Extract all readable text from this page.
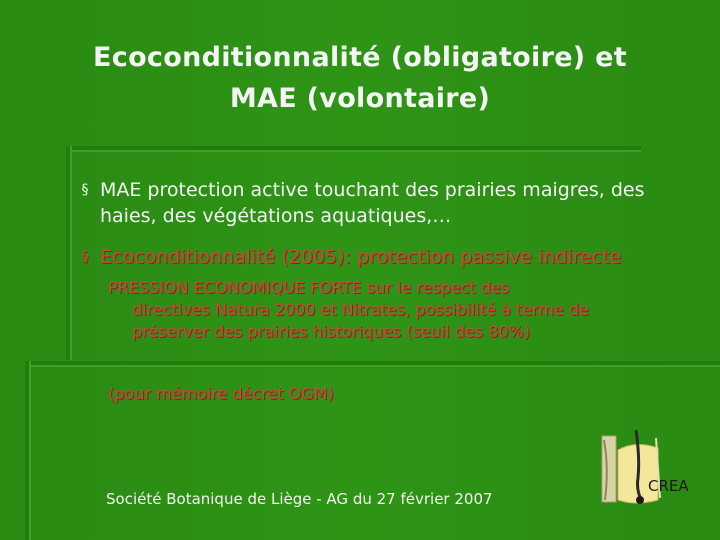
Ecoconditionnalité (obligatoire) et
MAE (volontaire)
§ MAE protection active touchant des prairies maigres, des haies, des végétations aquatiques,…
§ Ecoconditionnalité (2005): protection passive indirecte
PRESSION ECONOMIQUE FORTE sur le respect des
directives Natura 2000 et Nitrates, possibilité à terme de préserver des prairies historiques (seuil des 80%)
(pour mémoire décret OGM)
Société Botanique de Liège - AG du 27 février 2007
CREA
